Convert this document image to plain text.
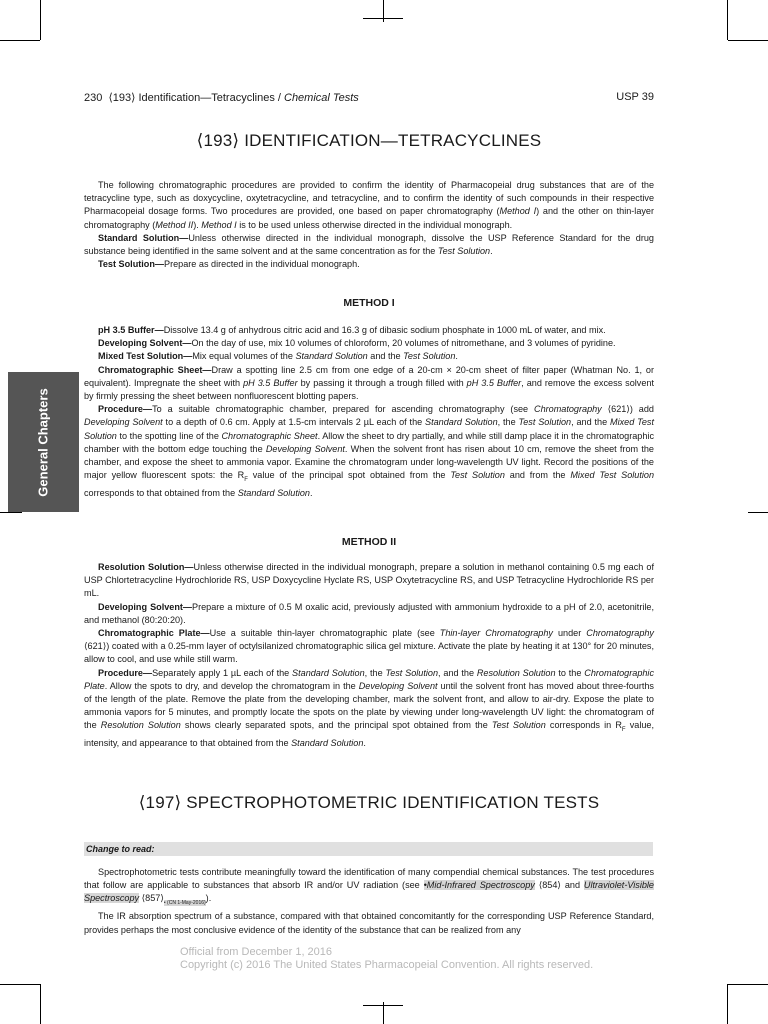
230 ⟨193⟩ Identification—Tetracyclines / Chemical Tests	USP 39
General Chapters
⟨193⟩ IDENTIFICATION—TETRACYCLINES

The following chromatographic procedures are provided to confirm the identity of Pharmacopeial drug substances that are of the tetracycline type, such as doxycycline, oxytetracycline, and tetracycline, and to confirm the identity of such compounds in their respective Pharmacopeial dosage forms. Two procedures are provided, one based on paper chromatography (Method I) and the other on thin-layer chromatography (Method II). Method I is to be used unless otherwise directed in the individual monograph.

Standard Solution—Unless otherwise directed in the individual monograph, dissolve the USP Reference Standard for the drug substance being identified in the same solvent and at the same concentration as for the Test Solution.

Test Solution—Prepare as directed in the individual monograph.

METHOD I

pH 3.5 Buffer—Dissolve 13.4 g of anhydrous citric acid and 16.3 g of dibasic sodium phosphate in 1000 mL of water, and mix.

Developing Solvent—On the day of use, mix 10 volumes of chloroform, 20 volumes of nitromethane, and 3 volumes of pyridine.

Mixed Test Solution—Mix equal volumes of the Standard Solution and the Test Solution.

Chromatographic Sheet—Draw a spotting line 2.5 cm from one edge of a 20-cm × 20-cm sheet of filter paper (Whatman No. 1, or equivalent). Impregnate the sheet with pH 3.5 Buffer by passing it through a trough filled with pH 3.5 Buffer, and remove the excess solvent by firmly pressing the sheet between nonfluorescent blotting papers.

Procedure—To a suitable chromatographic chamber, prepared for ascending chromatography (see Chromatography ⟨621⟩) add Developing Solvent to a depth of 0.6 cm. Apply at 1.5-cm intervals 2 µL each of the Standard Solution, the Test Solution, and the Mixed Test Solution to the spotting line of the Chromatographic Sheet. Allow the sheet to dry partially, and while still damp place it in the chromatographic chamber with the bottom edge touching the Developing Solvent. When the solvent front has risen about 10 cm, remove the sheet from the chamber, and expose the sheet to ammonia vapor. Examine the chromatogram under long-wavelength UV light. Record the positions of the major yellow fluorescent spots: the $R_F$ value of the principal spot obtained from the Test Solution and from the Mixed Test Solution corresponds to that obtained from the Standard Solution.

METHOD II

Resolution Solution—Unless otherwise directed in the individual monograph, prepare a solution in methanol containing 0.5 mg each of USP Chlortetracycline Hydrochloride RS, USP Doxycycline Hyclate RS, USP Oxytetracycline RS, and USP Tetracycline Hydrochloride RS per mL.

Developing Solvent—Prepare a mixture of 0.5 M oxalic acid, previously adjusted with ammonium hydroxide to a pH of 2.0, acetonitrile, and methanol (80:20:20).

Chromatographic Plate—Use a suitable thin-layer chromatographic plate (see Thin-layer Chromatography under Chromatography ⟨621⟩) coated with a 0.25-mm layer of octylsilanized chromatographic silica gel mixture. Activate the plate by heating it at 130° for 20 minutes, allow to cool, and use while still warm.

Procedure—Separately apply 1 µL each of the Standard Solution, the Test Solution, and the Resolution Solution to the Chromatographic Plate. Allow the spots to dry, and develop the chromatogram in the Developing Solvent until the solvent front has moved about three-fourths of the length of the plate. Remove the plate from the developing chamber, mark the solvent front, and allow to air-dry. Expose the plate to ammonia vapors for 5 minutes, and promptly locate the spots on the plate by viewing under long-wavelength UV light: the chromatogram of the Resolution Solution shows clearly separated spots, and the principal spot obtained from the Test Solution corresponds in $R_F$ value, intensity, and appearance to that obtained from the Standard Solution.

⟨197⟩ SPECTROPHOTOMETRIC IDENTIFICATION TESTS
Change to read:

Spectrophotometric tests contribute meaningfully toward the identification of many compendial chemical substances. The test procedures that follow are applicable to substances that absorb IR and/or UV radiation (see •Mid-Infrared Spectroscopy ⟨854⟩ and Ultraviolet-Visible Spectroscopy $⟨857⟩_{• (CN 1-May-2016)}$).

The IR absorption spectrum of a substance, compared with that obtained concomitantly for the corresponding USP Reference Standard, provides perhaps the most conclusive evidence of the identity of the substance that can be realized from any

Official from December 1, 2016
Copyright (c) 2016 The United States Pharmacopeial Convention. All rights reserved.
